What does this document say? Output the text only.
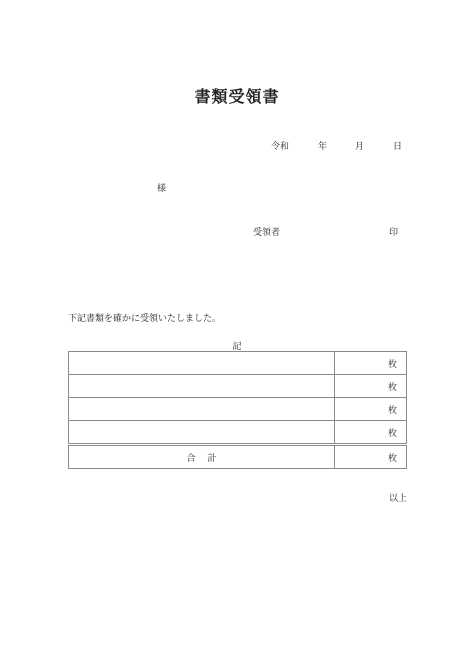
書類受領書
令和	年	月	日
様
受領者	印
下記書類を確かに受領いたしました。
記
	枚
	枚
	枚
	枚
合計	枚
以上
